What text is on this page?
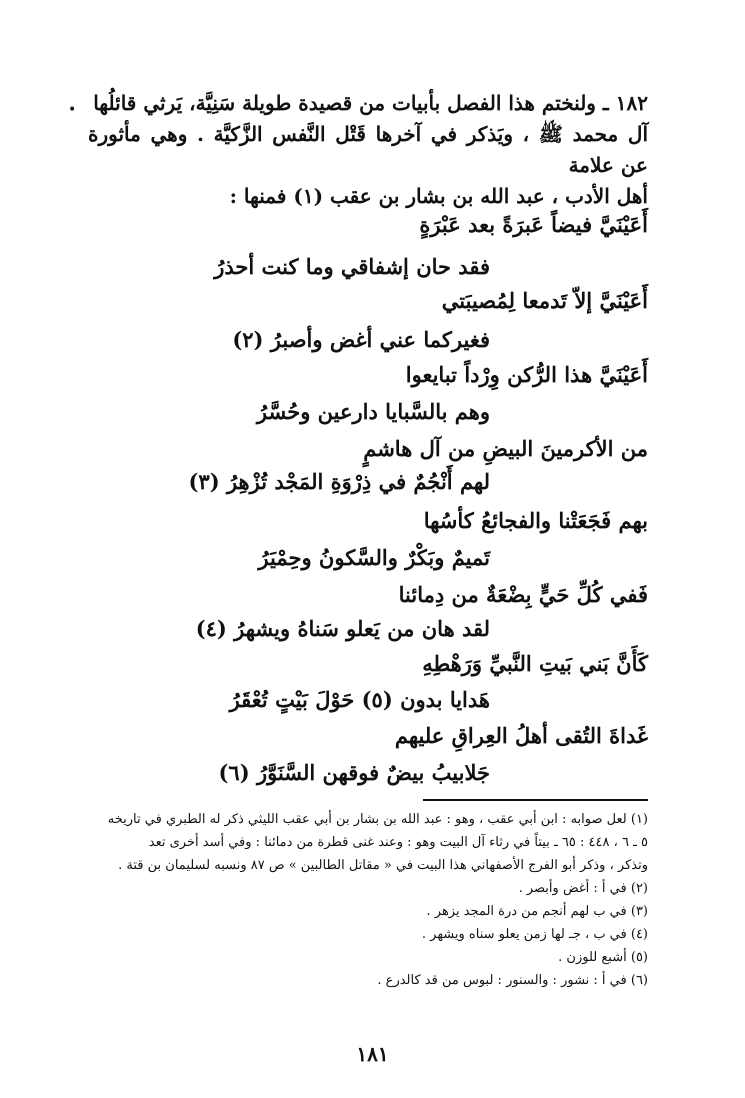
• ١٨٢ ـ ولنختم هذا الفصل بأبيات من قصيدة طويلة سَنِيَّة، يَرثي قائلُها

آل محمد ﷺ ، ويَذكر في آخرها قَتْل النَّفس الزَّكيَّة . وهي مأثورة عن علامة

أهل الأدب ، عبد الله بن بشار بن عقب (١) فمنها :

أَعَيْنَيَّ فيضاً عَبرَةً بعد عَبْرَةٍ
فقد حان إشفاقي وما كنت أحذرُ
أَعَيْنَيَّ إلاّ تَدمعا لِمُصيبَتي
فغيركما عني أغض وأصبرُ (٢)
أَعَيْنَيَّ هذا الرُّكن وِرْداً تبايعوا
وهم بالسَّبايا دارعين وحُسَّرُ
من الأكرمينَ البيضِ من آل هاشمٍ
لهم أَنْجُمٌ في ذِرْوَةِ المَجْد تُزْهِرُ (٣)
بهم فَجَعَتْنا والفجائعُ كأسُها
تَميمٌ وبَكْرٌ والسَّكونُ وحِمْيَرُ
فَفي كُلِّ حَيٍّ بِضْعَةٌ من دِمائنا
لقد هان من يَعلو سَناهُ ويشهرُ (٤)
كَأَنَّ بَني بَيتِ النَّبيِّ وَرَهْطِهِ
هَدايا بدون (٥) حَوْلَ بَيْتٍ تُعْقَرُ
غَداةَ التُقى أهلُ العِراقِ عليهم
جَلابيبُ بيضٌ فوقهن السَّنَوَّرُ (٦)

(١) لعل صوابه : ابن أبي عقب ، وهو : عبد الله بن بشار بن أبي عقب الليثي ذكر له الطبري في تاريخه

٥ ـ ٦ ، ٤٤٨ : ٦٥ ـ بيتاً في رثاء آل البيت وهو : وعند غنى قطرة من دمائنا : وفي أسد أخرى تعد

وتذكر ، وذكر أبو الفرج الأصفهاني هذا البيت في « مقاتل الطالبين » ص ٨٧ ونسبه لسليمان بن قتة .

(٢) في أ : أغض وأبصر .

(٣) في ب لهم أنجم من درة المجد يزهر .

(٤) في ب ، جـ لها زمن يعلو سناه ويشهر .

(٥) أشبع للوزن .

(٦) في أ : نشور : والسنور : لبوس من قد كالدرع .

١٨١
